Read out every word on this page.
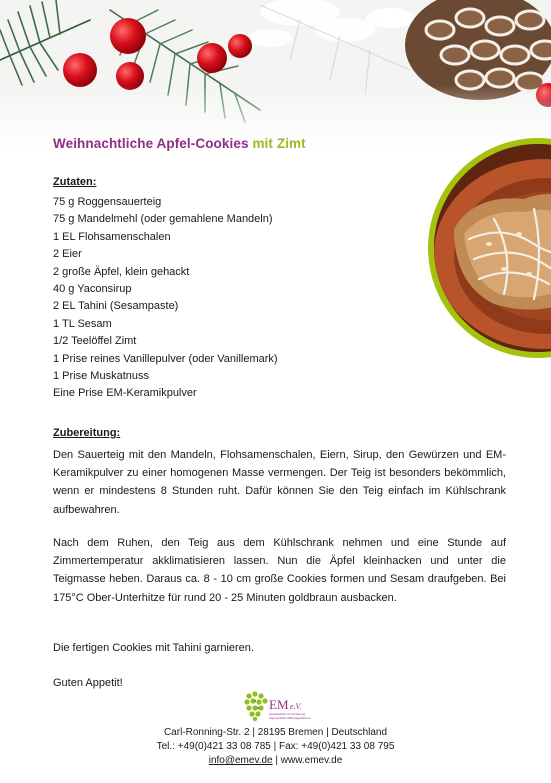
Weihnachtliche Apfel-Cookies mit Zimt
Zutaten:
75 g Roggensauerteig
75 g Mandelmehl (oder gemahlene Mandeln)
1 EL Flohsamenschalen
2 Eier
2 große Äpfel, klein gehackt
40 g Yaconsirup
2 EL Tahini (Sesampaste)
1 TL Sesam
1/2 Teelöffel Zimt
1 Prise reines Vanillepulver (oder Vanillemark)
1 Prise Muskatnuss
Eine Prise EM-Keramikpulver
Zubereitung:

Den Sauerteig mit den Mandeln, Flohsamenschalen, Eiern, Sirup, den Gewürzen und EM-Keramikpulver zu einer homogenen Masse vermengen. Der Teig ist besonders bekömmlich, wenn er mindestens 8 Stunden ruht. Dafür können Sie den Teig einfach im Kühlschrank aufbewahren.

Nach dem Ruhen, den Teig aus dem Kühlschrank nehmen und eine Stunde auf Zimmertemperatur akklimatisieren lassen. Nun die Äpfel kleinhacken und unter die Teigmasse heben. Daraus ca. 8 - 10 cm große Cookies formen und Sesam draufgeben. Bei 175°C Ober-Unterhitze für rund 20 - 25 Minuten goldbraun ausbacken.

Die fertigen Cookies mit Tahini garnieren.
Guten Appetit!
EM e.V.
Gesellschaft zur Förderung
regenerativer Mikroorganismen
Carl-Ronning-Str. 2 | 28195 Bremen | Deutschland
Tel.: +49(0)421 33 08 785 | Fax: +49(0)421 33 08 795
info@emev.de | www.emev.de
